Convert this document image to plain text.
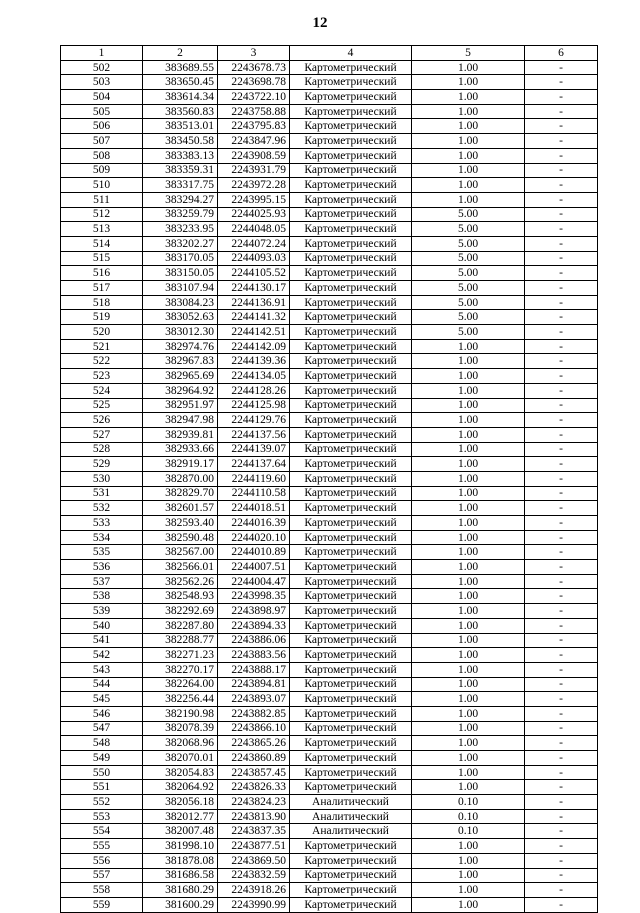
12
1	2	3	4	5	6
502	383689.55	2243678.73	Картометрический	1.00	-
503	383650.45	2243698.78	Картометрический	1.00	-
504	383614.34	2243722.10	Картометрический	1.00	-
505	383560.83	2243758.88	Картометрический	1.00	-
506	383513.01	2243795.83	Картометрический	1.00	-
507	383450.58	2243847.96	Картометрический	1.00	-
508	383383.13	2243908.59	Картометрический	1.00	-
509	383359.31	2243931.79	Картометрический	1.00	-
510	383317.75	2243972.28	Картометрический	1.00	-
511	383294.27	2243995.15	Картометрический	1.00	-
512	383259.79	2244025.93	Картометрический	5.00	-
513	383233.95	2244048.05	Картометрический	5.00	-
514	383202.27	2244072.24	Картометрический	5.00	-
515	383170.05	2244093.03	Картометрический	5.00	-
516	383150.05	2244105.52	Картометрический	5.00	-
517	383107.94	2244130.17	Картометрический	5.00	-
518	383084.23	2244136.91	Картометрический	5.00	-
519	383052.63	2244141.32	Картометрический	5.00	-
520	383012.30	2244142.51	Картометрический	5.00	-
521	382974.76	2244142.09	Картометрический	1.00	-
522	382967.83	2244139.36	Картометрический	1.00	-
523	382965.69	2244134.05	Картометрический	1.00	-
524	382964.92	2244128.26	Картометрический	1.00	-
525	382951.97	2244125.98	Картометрический	1.00	-
526	382947.98	2244129.76	Картометрический	1.00	-
527	382939.81	2244137.56	Картометрический	1.00	-
528	382933.66	2244139.07	Картометрический	1.00	-
529	382919.17	2244137.64	Картометрический	1.00	-
530	382870.00	2244119.60	Картометрический	1.00	-
531	382829.70	2244110.58	Картометрический	1.00	-
532	382601.57	2244018.51	Картометрический	1.00	-
533	382593.40	2244016.39	Картометрический	1.00	-
534	382590.48	2244020.10	Картометрический	1.00	-
535	382567.00	2244010.89	Картометрический	1.00	-
536	382566.01	2244007.51	Картометрический	1.00	-
537	382562.26	2244004.47	Картометрический	1.00	-
538	382548.93	2243998.35	Картометрический	1.00	-
539	382292.69	2243898.97	Картометрический	1.00	-
540	382287.80	2243894.33	Картометрический	1.00	-
541	382288.77	2243886.06	Картометрический	1.00	-
542	382271.23	2243883.56	Картометрический	1.00	-
543	382270.17	2243888.17	Картометрический	1.00	-
544	382264.00	2243894.81	Картометрический	1.00	-
545	382256.44	2243893.07	Картометрический	1.00	-
546	382190.98	2243882.85	Картометрический	1.00	-
547	382078.39	2243866.10	Картометрический	1.00	-
548	382068.96	2243865.26	Картометрический	1.00	-
549	382070.01	2243860.89	Картометрический	1.00	-
550	382054.83	2243857.45	Картометрический	1.00	-
551	382064.92	2243826.33	Картометрический	1.00	-
552	382056.18	2243824.23	Аналитический	0.10	-
553	382012.77	2243813.90	Аналитический	0.10	-
554	382007.48	2243837.35	Аналитический	0.10	-
555	381998.10	2243877.51	Картометрический	1.00	-
556	381878.08	2243869.50	Картометрический	1.00	-
557	381686.58	2243832.59	Картометрический	1.00	-
558	381680.29	2243918.26	Картометрический	1.00	-
559	381600.29	2243990.99	Картометрический	1.00	-
